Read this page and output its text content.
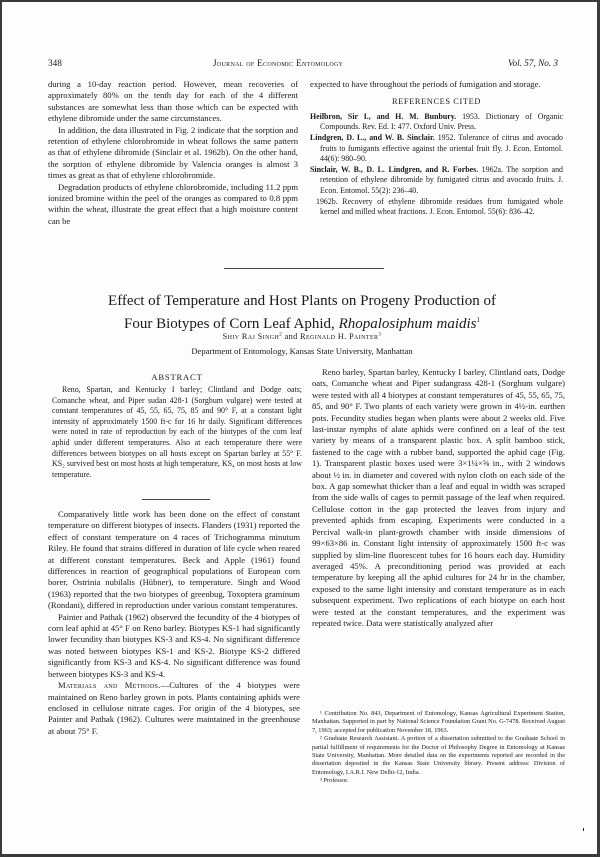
348	Journal of Economic Entomology	Vol. 57, No. 3

during a 10-day reaction period. However, mean recoveries of approximately 80% on the tenth day for each of the 4 different substances are somewhat less than those which can be expected with ethylene dibromide under the same circumstances.

In addition, the data illustrated in Fig. 2 indicate that the sorption and retention of ethylene chlorobromide in wheat follows the same pattern as that of ethylene dibromide (Sinclair et al. 1962b). On the other hand, the sorption of ethylene dibromide by Valencia oranges is almost 3 times as great as that of ethylene chlorobromide.

Degradation products of ethylene chlorobromide, including 11.2 ppm ionized bromine within the peel of the oranges as compared to 0.8 ppm within the wheat, illustrate the great effect that a high moisture content can be

expected to have throughout the periods of fumigation and storage.

REFERENCES CITED

Heilbron, Sir I., and H. M. Bunbury. 1953. Dictionary of Organic Compounds. Rev. Ed. I: 477. Oxford Univ. Press.

Lindgren, D. L., and W. B. Sinclair. 1952. Tolerance of citrus and avocado fruits to fumigants effective against the oriental fruit fly. J. Econ. Entomol. 44(6): 980–90.

Sinclair, W. B., D. L. Lindgren, and R. Forbes. 1962a. The sorption and retention of ethylene dibromide by fumigated citrus and avocado fruits. J. Econ. Entomol. 55(2): 236–40.

1962b. Recovery of ethylene dibromide residues from fumigated whole kernel and milled wheat fractions. J. Econ. Entomol. 55(6): 836–42.

Effect of Temperature and Host Plants on Progeny Production of
Four Biotypes of Corn Leaf Aphid, Rhopalosiphum maidis$^1$
Shiv Raj Singh$^2$ and Reginald H. Painter$^3$
Department of Entomology, Kansas State University, Manhattan
ABSTRACT

Reno, Spartan, and Kentucky I barley; Clintland and Dodge oats; Comanche wheat, and Piper sudan 428-1 (Sorghum vulgare) were tested at constant temperatures of 45, 55, 65, 75, 85 and 90° F, at a constant light intensity of approximately 1500 ft-c for 16 hr daily. Significant differences were noted in rate of reproduction by each of the biotypes of the corn leaf aphid under different temperatures. Also at each temperature there were differences between biotypes on all hosts except on Spartan barley at 55° F. KS₂ survived best on most hosts at high temperature, KS₄ on most hosts at low temperature.

Comparatively little work has been done on the effect of constant temperature on different biotypes of insects. Flanders (1931) reported the effect of constant temperature on 4 races of Trichogramma minutum Riley. He found that strains differed in duration of life cycle when reared at different constant temperatures. Beck and Apple (1961) found differences in reaction of geographical populations of European corn borer, Ostrinia nubilalis (Hübner), to temperature. Singh and Wood (1963) reported that the two biotypes of greenbug, Toxoptera graminum (Rondani), differed in reproduction under various constant temperatures.

Painter and Pathak (1962) observed the fecundity of the 4 biotypes of corn leaf aphid at 45° F on Reno barley. Biotypes KS-1 had significantly lower fecundity than biotypes KS-3 and KS-4. No significant difference was noted between biotypes KS-1 and KS-2. Biotype KS-2 differed significantly from KS-3 and KS-4. No significant difference was found between biotypes KS-3 and KS-4.

Materials and Methods.—Cultures of the 4 biotypes were maintained on Reno barley grown in pots. Plants containing aphids were enclosed in cellulose nitrate cages. For origin of the 4 biotypes, see Painter and Pathak (1962). Cultures were maintained in the greenhouse at about 75° F.

Reno barley, Spartan barley, Kentucky I barley, Clintland oats, Dodge oats, Comanche wheat and Piper sudangrass 428-1 (Sorghum vulgare) were tested with all 4 biotypes at constant temperatures of 45, 55, 65, 75, 85, and 90° F. Two plants of each variety were grown in 4½-in. earthen pots. Fecundity studies began when plants were about 2 weeks old. Five last-instar nymphs of alate aphids were confined on a leaf of the test variety by means of a transparent plastic box. A split bamboo stick, fastened to the cage with a rubber band, supported the aphid cage (Fig. 1). Transparent plastic boxes used were 3×1¼×⅝ in., with 2 windows about ½ in. in diameter and covered with nylon cloth on each side of the box. A gap somewhat thicker than a leaf and equal in width was scraped from the side walls of cages to permit passage of the leaf when required. Cellulose cotton in the gap protected the leaves from injury and prevented aphids from escaping. Experiments were conducted in a Percival walk-in plant-growth chamber with inside dimensions of 99×63×86 in. Constant light intensity of approximately 1500 ft-c was supplied by slim-line fluorescent tubes for 16 hours each day. Humidity averaged 45%. A preconditioning period was provided at each temperature by keeping all the aphid cultures for 24 hr in the chamber, exposed to the same light intensity and constant temperature as in each subsequent experiment. Two replications of each biotype on each host were tested at the constant temperatures, and the experiment was repeated twice. Data were statistically analyzed after

¹ Contribution No. 843, Department of Entomology, Kansas Agricultural Experiment Station, Manhattan. Supported in part by National Science Foundation Grant No. G-7478. Received August 7, 1963; accepted for publication November 18, 1963.

² Graduate Research Assistant. A portion of a dissertation submitted to the Graduate School in partial fulfillment of requirements for the Doctor of Philosophy Degree in Entomology at Kansas State University, Manhattan. More detailed data on the experiments reported are recorded in the dissertation deposited in the Kansas State University library. Present address: Division of Entomology, I.A.R.I. New Delhi-12, India.

³ Professor.
